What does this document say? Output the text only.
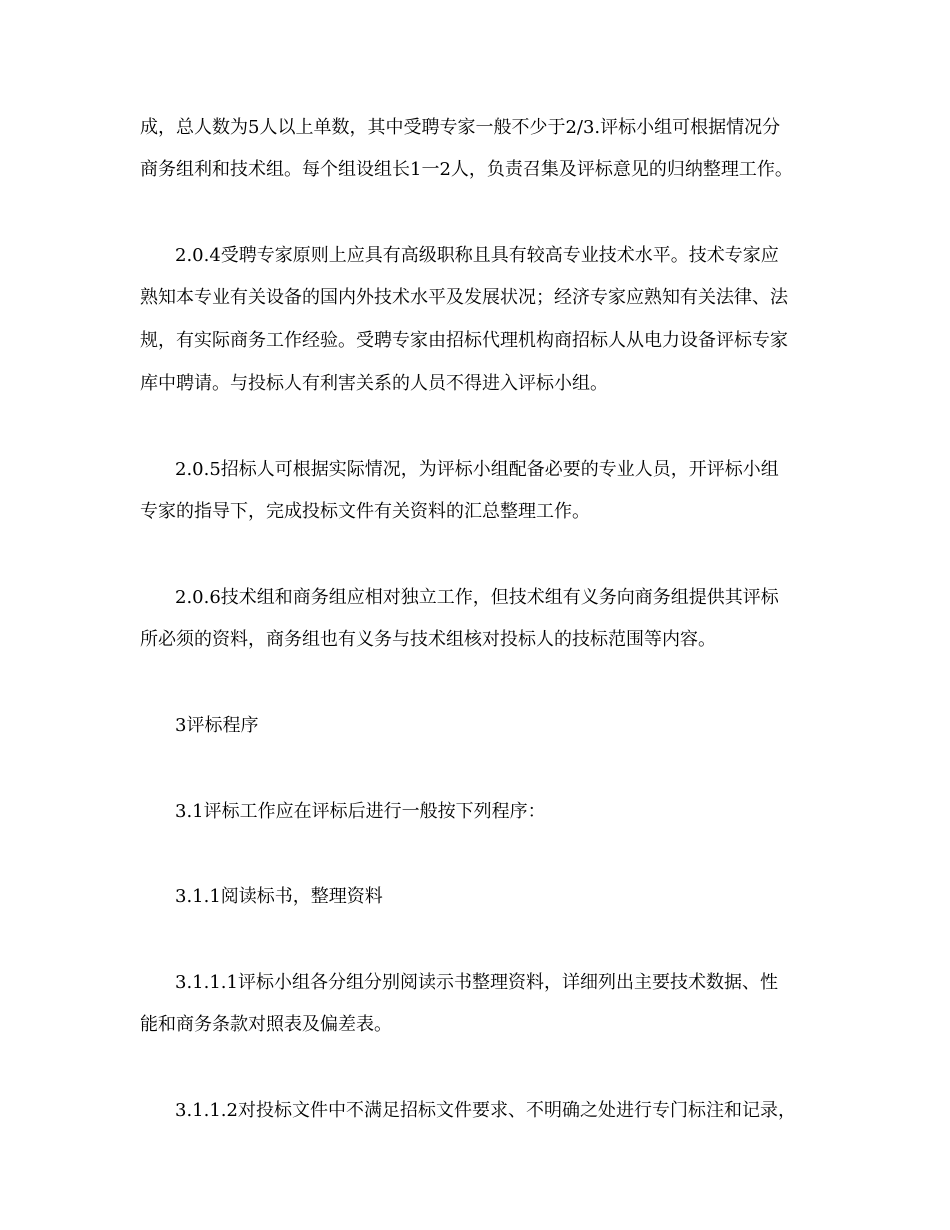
成，总人数为5人以上单数，其中受聘专家一般不少于2/3.评标小组可根据情况分

商务组利和技术组。每个组设组长1一2人，负责召集及评标意见的归纳整理工作。

2.0.4受聘专家原则上应具有高级职称且具有较高专业技术水平。技术专家应

熟知本专业有关设备的国内外技术水平及发展状况；经济专家应熟知有关法律、法

规，有实际商务工作经验。受聘专家由招标代理机构商招标人从电力设备评标专家

库中聘请。与投标人有利害关系的人员不得进入评标小组。

2.0.5招标人可根据实际情况，为评标小组配备必要的专业人员，开评标小组

专家的指导下，完成投标文件有关资料的汇总整理工作。

2.0.6技术组和商务组应相对独立工作，但技术组有义务向商务组提供其评标

所必须的资料，商务组也有义务与技术组核对投标人的技标范围等内容。

3评标程序

3.1评标工作应在评标后进行一般按下列程序：

3.1.1阅读标书，整理资料

3.1.1.1评标小组各分组分别阅读示书整理资料，详细列出主要技术数据、性

能和商务条款对照表及偏差表。

3.1.1.2对投标文件中不满足招标文件要求、不明确之处进行专门标注和记录，
